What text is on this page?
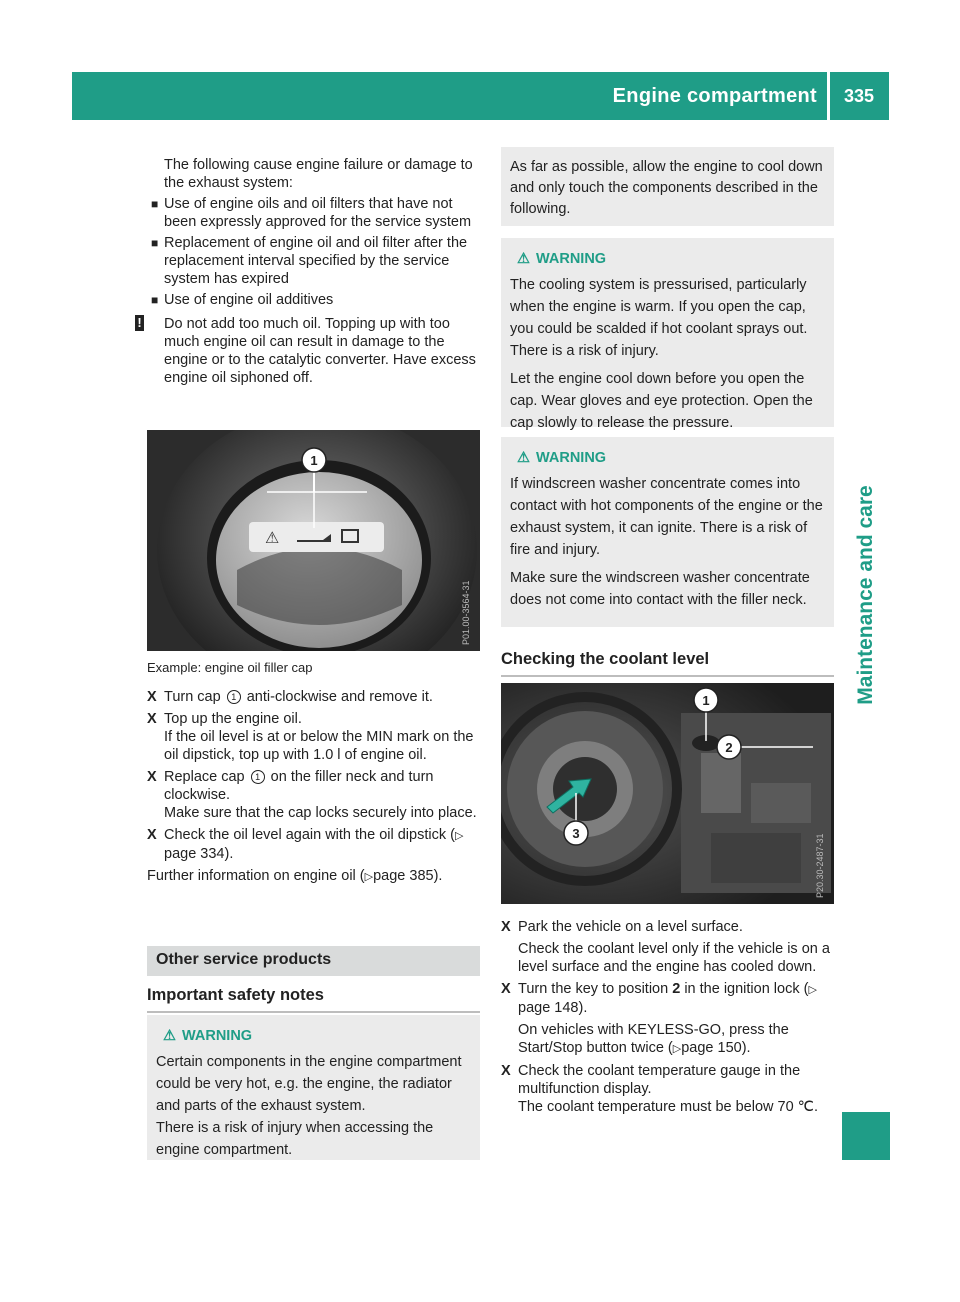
Engine compartment	335
Maintenance and care

The following cause engine failure or damage to the exhaust system:

■ Use of engine oils and oil filters that have not been expressly approved for the service system
■ Replacement of engine oil and oil filter after the replacement interval specified by the service system has expired
■ Use of engine oil additives
! Do not add too much oil. Topping up with too much engine oil can result in damage to the engine or to the catalytic converter. Have excess engine oil siphoned off.
⚠
1
P01.00-3564-31
Example: engine oil filler cap
X Turn cap 1 anti-clockwise and remove it.
X Top up the engine oil.
If the oil level is at or below the MIN mark on the oil dipstick, top up with 1.0 l of engine oil.
X Replace cap 1 on the filler neck and turn clockwise.
Make sure that the cap locks securely into place.
X Check the oil level again with the oil dipstick (▷page 334).
Further information on engine oil (▷page 385).
Other service products
Important safety notes
⚠ WARNING
Certain components in the engine compartment could be very hot, e.g. the engine, the radiator and parts of the exhaust system.
There is a risk of injury when accessing the engine compartment.
As far as possible, allow the engine to cool down and only touch the components described in the following.
⚠ WARNING
The cooling system is pressurised, particularly when the engine is warm. If you open the cap, you could be scalded if hot coolant sprays out. There is a risk of injury.
Let the engine cool down before you open the cap. Wear gloves and eye protection. Open the cap slowly to release the pressure.
⚠ WARNING
If windscreen washer concentrate comes into contact with hot components of the engine or the exhaust system, it can ignite. There is a risk of fire and injury.
Make sure the windscreen washer concentrate does not come into contact with the filler neck.
Checking the coolant level
1
2
3	P20.30-2487-31
X Park the vehicle on a level surface.
Check the coolant level only if the vehicle is on a level surface and the engine has cooled down.
X Turn the key to position 2 in the ignition lock (▷page 148).
On vehicles with KEYLESS-GO, press the Start/Stop button twice (▷page 150).
X Check the coolant temperature gauge in the multifunction display.
The coolant temperature must be below 70 ℃.
